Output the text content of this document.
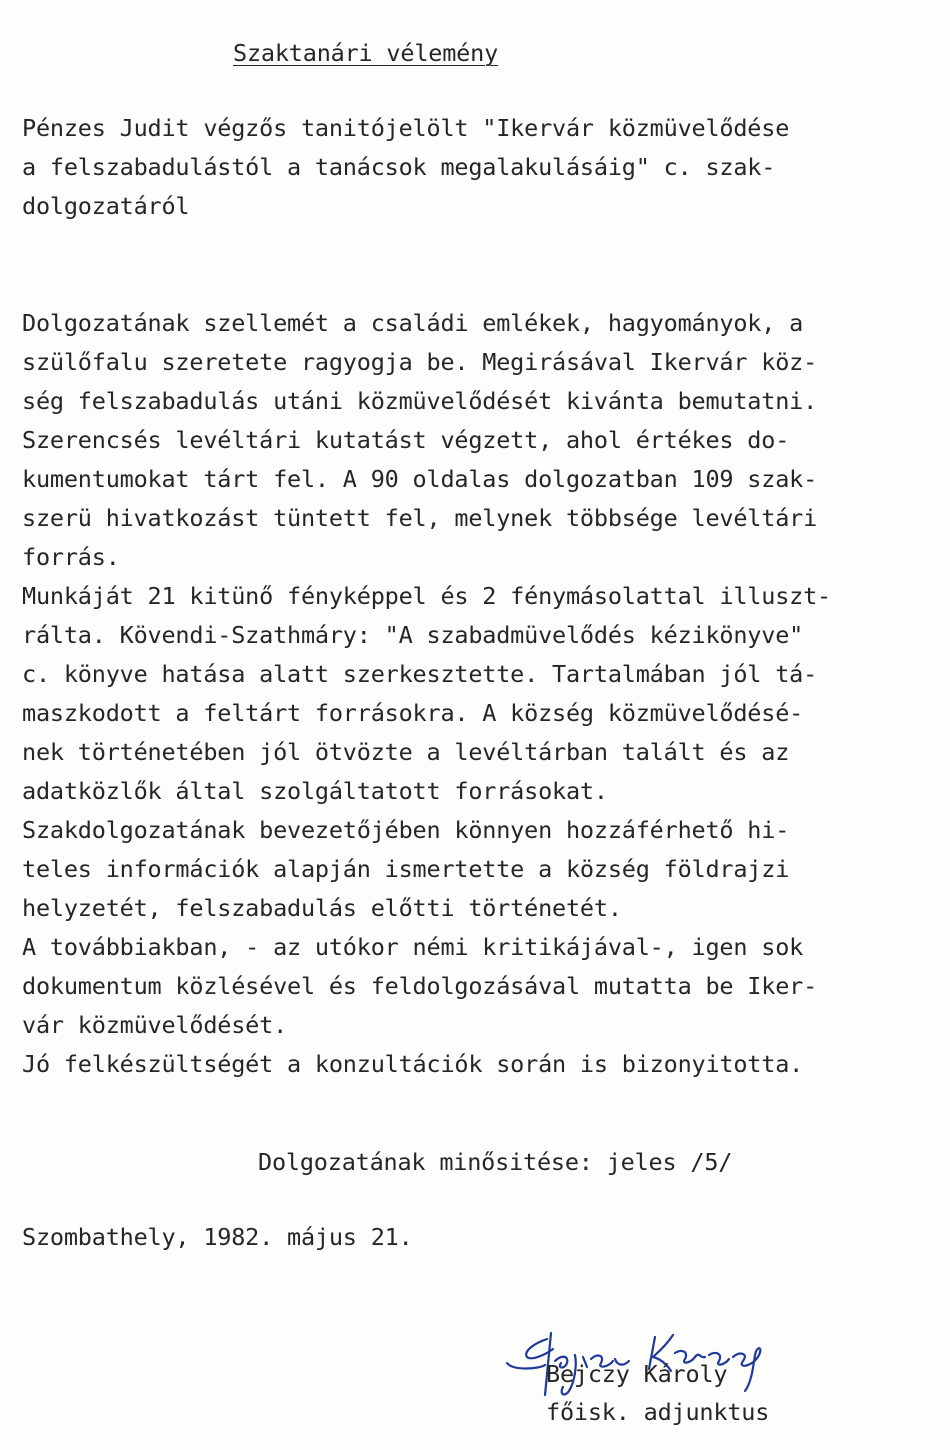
Szaktanári vélemény
Pénzes Judit végzős tanitójelölt "Ikervár közmüvelődése
a felszabadulástól a tanácsok megalakulásáig" c. szak-
dolgozatáról
Dolgozatának szellemét a családi emlékek, hagyományok, a
szülőfalu szeretete ragyogja be. Megirásával Ikervár köz-
ség felszabadulás utáni közmüvelődését kivánta bemutatni.
Szerencsés levéltári kutatást végzett, ahol értékes do-
kumentumokat tárt fel. A 90 oldalas dolgozatban 109 szak-
szerü hivatkozást tüntett fel, melynek többsége levéltári
forrás.
Munkáját 21 kitünő fényképpel és 2 fénymásolattal illuszt-
rálta. Kövendi-Szathmáry: "A szabadmüvelődés kézikönyve"
c. könyve hatása alatt szerkesztette. Tartalmában jól tá-
maszkodott a feltárt forrásokra. A község közmüvelődésé-
nek történetében jól ötvözte a levéltárban talált és az
adatközlők által szolgáltatott forrásokat.
Szakdolgozatának bevezetőjében könnyen hozzáférhető hi-
teles információk alapján ismertette a község földrajzi
helyzetét, felszabadulás előtti történetét.
A továbbiakban, - az utókor némi kritikájával-, igen sok
dokumentum közlésével és feldolgozásával mutatta be Iker-
vár közmüvelődését.
Jó felkészültségét a konzultációk során is bizonyitotta.
Dolgozatának minősitése: jeles /5/
Szombathely, 1982. május 21.
Bejczy Károly
főisk. adjunktus
